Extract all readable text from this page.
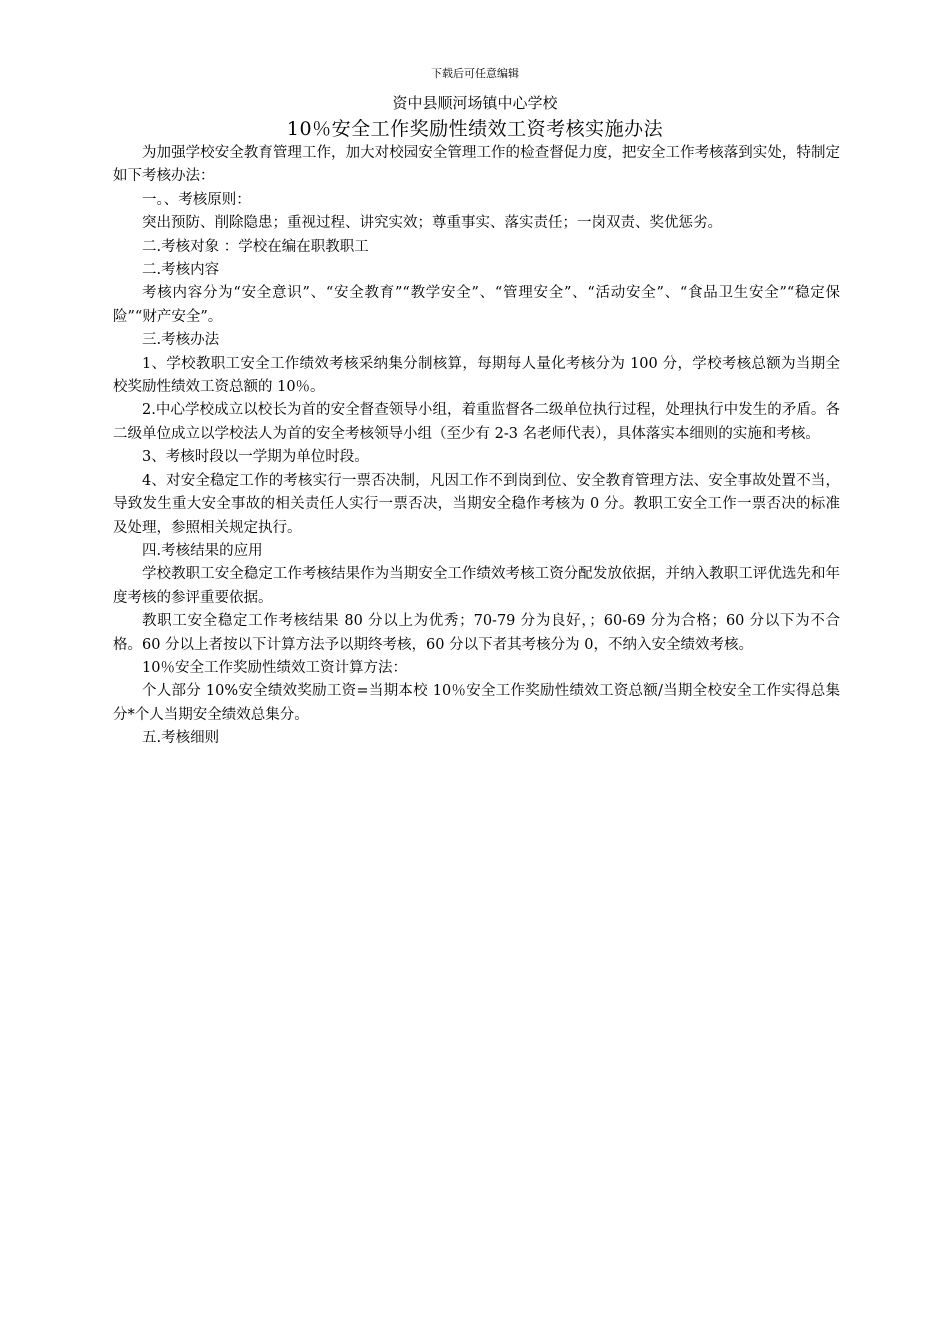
下载后可任意编辑
资中县顺河场镇中心学校
10％安全工作奖励性绩效工资考核实施办法

为加强学校安全教育管理工作，加大对校园安全管理工作的检查督促力度，把安全工作考核落到实处，特制定如下考核办法：

一。、考核原则：

突出预防、削除隐患；重视过程、讲究实效；尊重事实、落实责任；一岗双责、奖优惩劣。

二.考核对象 ：学校在编在职教职工

二.考核内容

考核内容分为“安全意识”、“安全教育”“教学安全”、“管理安全”、“活动安全”、“食品卫生安全”“稳定保险”“财产安全”。

三.考核办法

1、学校教职工安全工作绩效考核采纳集分制核算，每期每人量化考核分为 100 分，学校考核总额为当期全校奖励性绩效工资总额的 10％。

2.中心学校成立以校长为首的安全督查领导小组，着重监督各二级单位执行过程，处理执行中发生的矛盾。各二级单位成立以学校法人为首的安全考核领导小组（至少有 2-3 名老师代表），具体落实本细则的实施和考核。

3、考核时段以一学期为单位时段。

4、对安全稳定工作的考核实行一票否决制，凡因工作不到岗到位、安全教育管理方法、安全事故处置不当，导致发生重大安全事故的相关责任人实行一票否决，当期安全稳作考核为 0 分。教职工安全工作一票否决的标准及处理，参照相关规定执行。

四.考核结果的应用

学校教职工安全稳定工作考核结果作为当期安全工作绩效考核工资分配发放依据，并纳入教职工评优选先和年度考核的参评重要依据。

教职工安全稳定工作考核结果 80 分以上为优秀；70-79 分为良好，；60-69 分为合格；60 分以下为不合格。60 分以上者按以下计算方法予以期终考核，60 分以下者其考核分为 0，不纳入安全绩效考核。

10％安全工作奖励性绩效工资计算方法：

个人部分 10%安全绩效奖励工资=当期本校 10％安全工作奖励性绩效工资总额/当期全校安全工作实得总集分*个人当期安全绩效总集分。

五.考核细则
